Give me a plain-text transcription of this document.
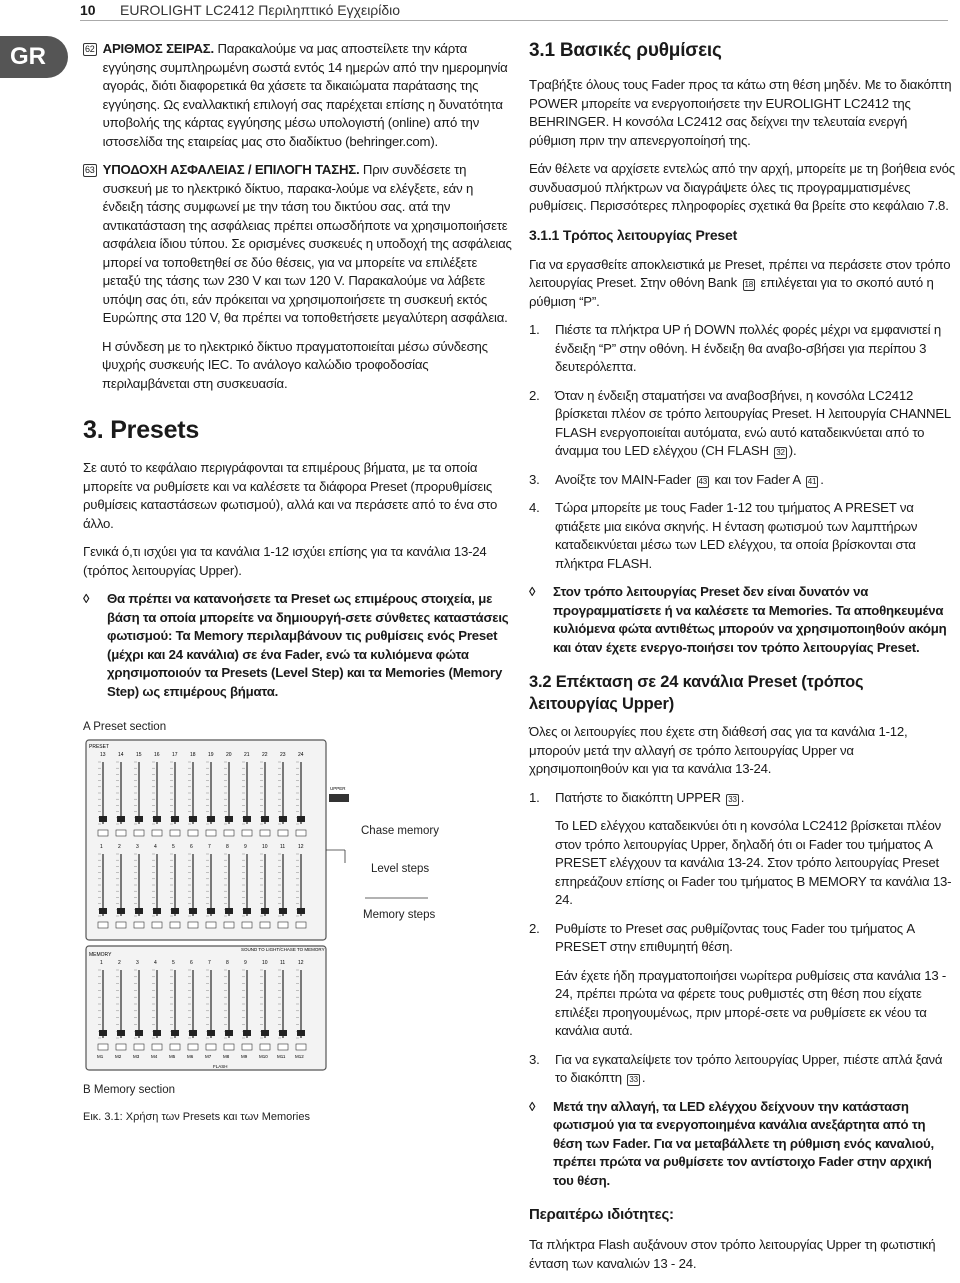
10 EUROLIGHT LC2412 Περιληπτικό Εγχειρίδιο
GR	62 ΑΡΙΘΜΟΣ ΣΕΙΡΑΣ. Παρακαλούμε να μας αποστείλετε την κάρτα εγγύησης συμπληρωμένη σωστά εντός 14 ημερών από την ημερομηνία αγοράς, διότι διαφορετικά θα χάσετε τα δικαιώματα παράτασης της εγγύησης. Ως εναλλακτική επιλογή σας παρέχεται επίσης η δυνατότητα υποβολής της κάρτας εγγύησης μέσω υπολογιστή (online) από την ιστοσελίδα της εταιρείας μας στο διαδίκτυο (behringer.com).
63 ΥΠΟΔΟΧΗ ΑΣΦΑΛΕΙΑΣ / ΕΠΙΛΟΓΗ ΤΑΣΗΣ. Πριν συνδέσετε τη συσκευή με το ηλεκτρικό δίκτυο, παρακα-λούμε να ελέγξετε, εάν η ένδειξη τάσης συμφωνεί με την τάση του δικτύου σας. ατά την αντικατάσταση της ασφάλειας πρέπει οπωσδήποτε να χρησιμοποιήσετε ασφάλεια ίδιου τύπου. Σε ορισμένες συσκευές η υποδοχή της ασφάλειας μπορεί να τοποθετηθεί σε δύο θέσεις, για να μπορείτε να επιλέξετε μεταξύ της τάσης των 230 V και των 120 V. Παρακαλούμε να λάβετε υπόψη σας ότι, εάν πρόκειται να χρησιμοποιήσετε τη συσκευή εκτός Ευρώπης στα 120 V, θα πρέπει να τοποθετήσετε μεγαλύτερη ασφάλεια.
Η σύνδεση με το ηλεκτρικό δίκτυο πραγματοποιείται μέσω σύνδεσης ψυχρής συσκευής IEC. Το ανάλογο καλώδιο τροφοδοσίας περιλαμβάνεται στη συσκευασία.
3. Presets
Σε αυτό το κεφάλαιο περιγράφονται τα επιμέρους βήματα, με τα οποία μπορείτε να ρυθμίσετε και να καλέσετε τα διάφορα Preset (προρυθμίσεις ρυθμίσεις καταστάσεων φωτισμού), αλλά και να περάσετε από το ένα στο άλλο.
Γενικά ό,τι ισχύει για τα κανάλια 1-12 ισχύει επίσης για τα κανάλια 13-24 (τρόπος λειτουργίας Upper).
◊	Θα πρέπει να κατανοήσετε τα Preset ως επιμέρους στοιχεία, με βάση τα οποία μπορείτε να δημιουργή-σετε σύνθετες καταστάσεις φωτισμού: Τα Memory περιλαμβάνουν τις ρυθμίσεις ενός Preset (μέχρι και 24 κανάλια) σε ένα Fader, ενώ τα κυλιόμενα φώτα χρησιμοποιούν τα Presets (Level Step) και τα Memories (Memory Step) ως επιμέρους βήματα.
A Preset section
PRESET
MEMORY
SOUND TO LIGHT/CHASE TO MEMORY
UPPER
13 14 15 16 17 18 19 20 21 22 23 24
1	2	3	4	5	6	7	8	9	10 11	12
1
M1
2
M2
3
M3
4
M4
5
M5
6
M6
7
M7
8
M8
9
M9
10
M10
11
M11
12
M12
FLASH
Chase memory
Level steps
Memory steps
B Memory section
Εικ. 3.1: Χρήση των Presets και των Memories
3.1 Βασικές ρυθμίσεις
Τραβήξτε όλους τους Fader προς τα κάτω στη θέση μηδέν. Με το διακόπτη POWER μπορείτε να ενεργοποιήσετε την EUROLIGHT LC2412 της BEHRINGER. Η κονσόλα LC2412 σας δείχνει την τελευταία ενεργή ρύθμιση πριν την απενεργοποίησή της.
Εάν θέλετε να αρχίσετε εντελώς από την αρχή, μπορείτε με τη βοήθεια ενός συνδυασμού πλήκτρων να διαγράψετε όλες τις προγραμματισμένες ρυθμίσεις. Περισσότερες πληροφορίες σχετικά θα βρείτε στο κεφάλαιο 7.8.
3.1.1 Τρόπος λειτουργίας Preset
Για να εργασθείτε αποκλειστικά με Preset, πρέπει να περάσετε στον τρόπο λειτουργίας Preset. Στην οθόνη Bank 18 επιλέγεται για το σκοπό αυτό η ρύθμιση “P”.
1.	Πιέστε τα πλήκτρα UP ή DOWN πολλές φορές μέχρι να εμφανιστεί η ένδειξη “P” στην οθόνη. Η ένδειξη θα αναβο-σβήσει για περίπου 3 δευτερόλεπτα.
2.	Όταν η ένδειξη σταματήσει να αναβοσβήνει, η κονσόλα LC2412 βρίσκεται πλέον σε τρόπο λειτουργίας Preset. Η λειτουργία CHANNEL FLASH ενεργοποιείται αυτόματα, ενώ αυτό καταδεικνύεται από το άναμμα του LED ελέγχου (CH FLASH 32 ).
3.	Ανοίξτε τον MAIN-Fader 43 και τον Fader A 41 .
4.	Τώρα μπορείτε με τους Fader 1-12 του τμήματος A PRESET να φτιάξετε μια εικόνα σκηνής. Η ένταση φωτισμού των λαμπτήρων καταδεικνύεται μέσω των LED ελέγχου, τα οποία βρίσκονται στα πλήκτρα FLASH.
◊	Στον τρόπο λειτουργίας Preset δεν είναι δυνατόν να προγραμματίσετε ή να καλέσετε τα Memories. Τα αποθηκευμένα κυλιόμενα φώτα αντιθέτως μπορούν να χρησιμοποιηθούν ακόμη και όταν έχετε ενεργο-ποιήσει τον τρόπο λειτουργίας Preset.
3.2 Επέκταση σε 24 κανάλια Preset (τρόπος λειτουργίας Upper)
Όλες οι λειτουργίες που έχετε στη διάθεσή σας για τα κανάλια 1-12, μπορούν μετά την αλλαγή σε τρόπο λειτουργίας Upper να χρησιμοποιηθούν και για τα κανάλια 13-24.
1.	Πατήστε το διακόπτη UPPER 33 .
Το LED ελέγχου καταδεικνύει ότι η κονσόλα LC2412 βρίσκεται πλέον στον τρόπο λειτουργίας Upper, δηλαδή ότι οι Fader του τμήματος A PRESET ελέγχουν τα κανάλια 13-24. Στον τρόπο λειτουργίας Preset επηρεάζουν επίσης οι Fader του τμήματος B MEMORY τα κανάλια 13-24.
2.	Ρυθμίστε το Preset σας ρυθμίζοντας τους Fader του τμήματος A PRESET στην επιθυμητή θέση.
Εάν έχετε ήδη πραγματοποιήσει νωρίτερα ρυθμίσεις στα κανάλια 13 - 24, πρέπει πρώτα να φέρετε τους ρυθμιστές στη θέση που είχατε επιλέξει προηγουμένως, πριν μπορέ-σετε να ρυθμίσετε εκ νέου τα κανάλια αυτά.
3.	Για να εγκαταλείψετε τον τρόπο λειτουργίας Upper, πιέστε απλά ξανά το διακόπτη 33 .
◊	Μετά την αλλαγή, τα LED ελέγχου δείχνουν την κατάσταση φωτισμού για τα ενεργοποιημένα κανάλια ανεξάρτητα από τη θέση των Fader. Για να μεταβάλλετε τη ρύθμιση ενός καναλιού, πρέπει πρώτα να ρυθμίσετε τον αντίστοιχο Fader στην αρχική του θέση.
Περαιτέρω ιδιότητες:
Τα πλήκτρα Flash αυξάνουν στον τρόπο λειτουργίας Upper τη φωτιστική ένταση των καναλιών 13 - 24.
